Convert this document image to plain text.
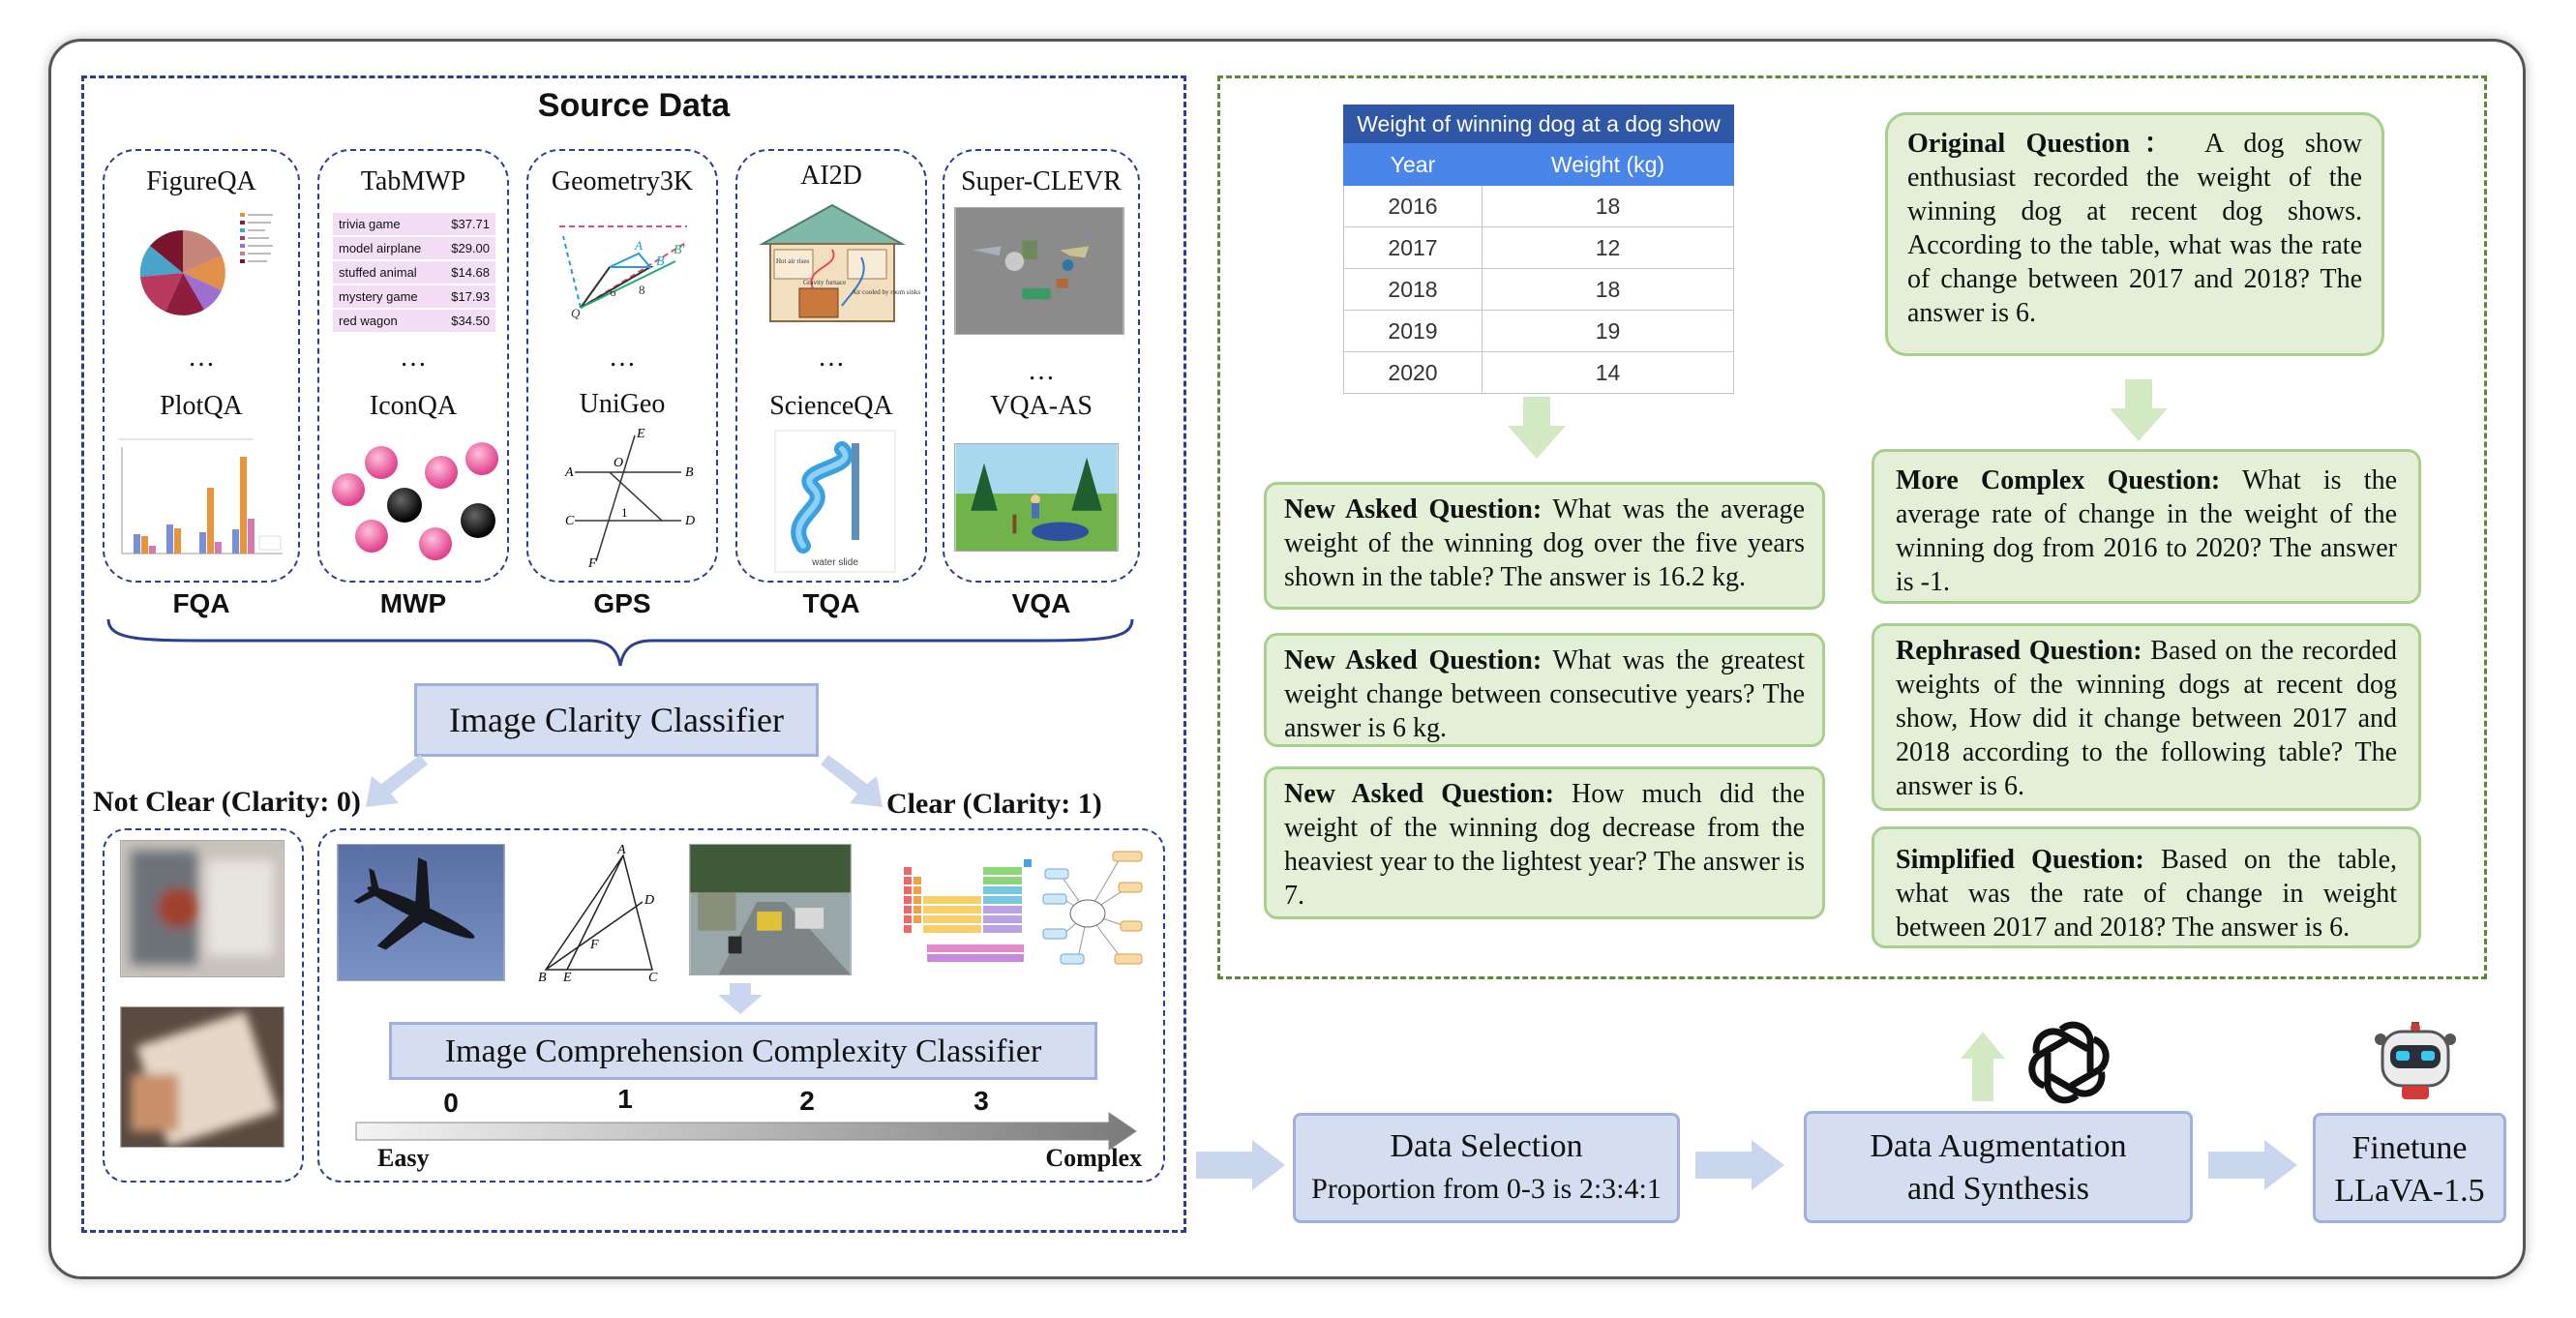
Source Data
FigureQA	TabMWP	Geometry3K	AI2D	Super-CLEVR
…	…	…	…	…
PlotQA	IconQA	UniGeo	ScienceQA	VQA-AS
trivia game	$37.71
model airplane $29.00
stuffed animal	$14.68
mystery game	$17.93
red wagon	$34.50
B
B'
A
Q
6 8
E
A
O
B
C	D
1
F
Hot air rises
Air cooled by room sinks
Gravity furnace
water slide
FQA	MWP	GPS	TQA	VQA
Image Clarity Classifier
Not Clear (Clarity: 0)	Clear (Clarity: 1)
A
D
F
B E	C
Image Comprehension Complexity Classifier
0	1	2	3
Easy	Complex
Weight of winning dog at a dog show
Year	Weight (kg)
2016	18
2017	12
2018	18
2019	19
2020	14
New Asked Question: What was the average weight of the winning dog over the five years shown in the table? The answer is 16.2 kg.
New Asked Question: What was the greatest weight change between consecutive years? The answer is 6 kg.
New Asked Question: How much did the weight of the winning dog decrease from the heaviest year to the lightest year? The answer is 7.
Original Question： A dog show enthusiast recorded the weight of the winning dog at recent dog shows. According to the table, what was the rate of change between 2017 and 2018? The answer is 6.
More Complex Question: What is the average rate of change in the weight of the winning dog from 2016 to 2020? The answer is -1.
Rephrased Question: Based on the recorded weights of the winning dogs at recent dog show, How did it change between 2017 and 2018 according to the following table? The answer is 6.
Simplified Question: Based on the table, what was the rate of change in weight between 2017 and 2018? The answer is 6.
Data Selection
Proportion from 0-3 is 2:3:4:1
Data Augmentation
and Synthesis
Finetune
LLaVA-1.5
